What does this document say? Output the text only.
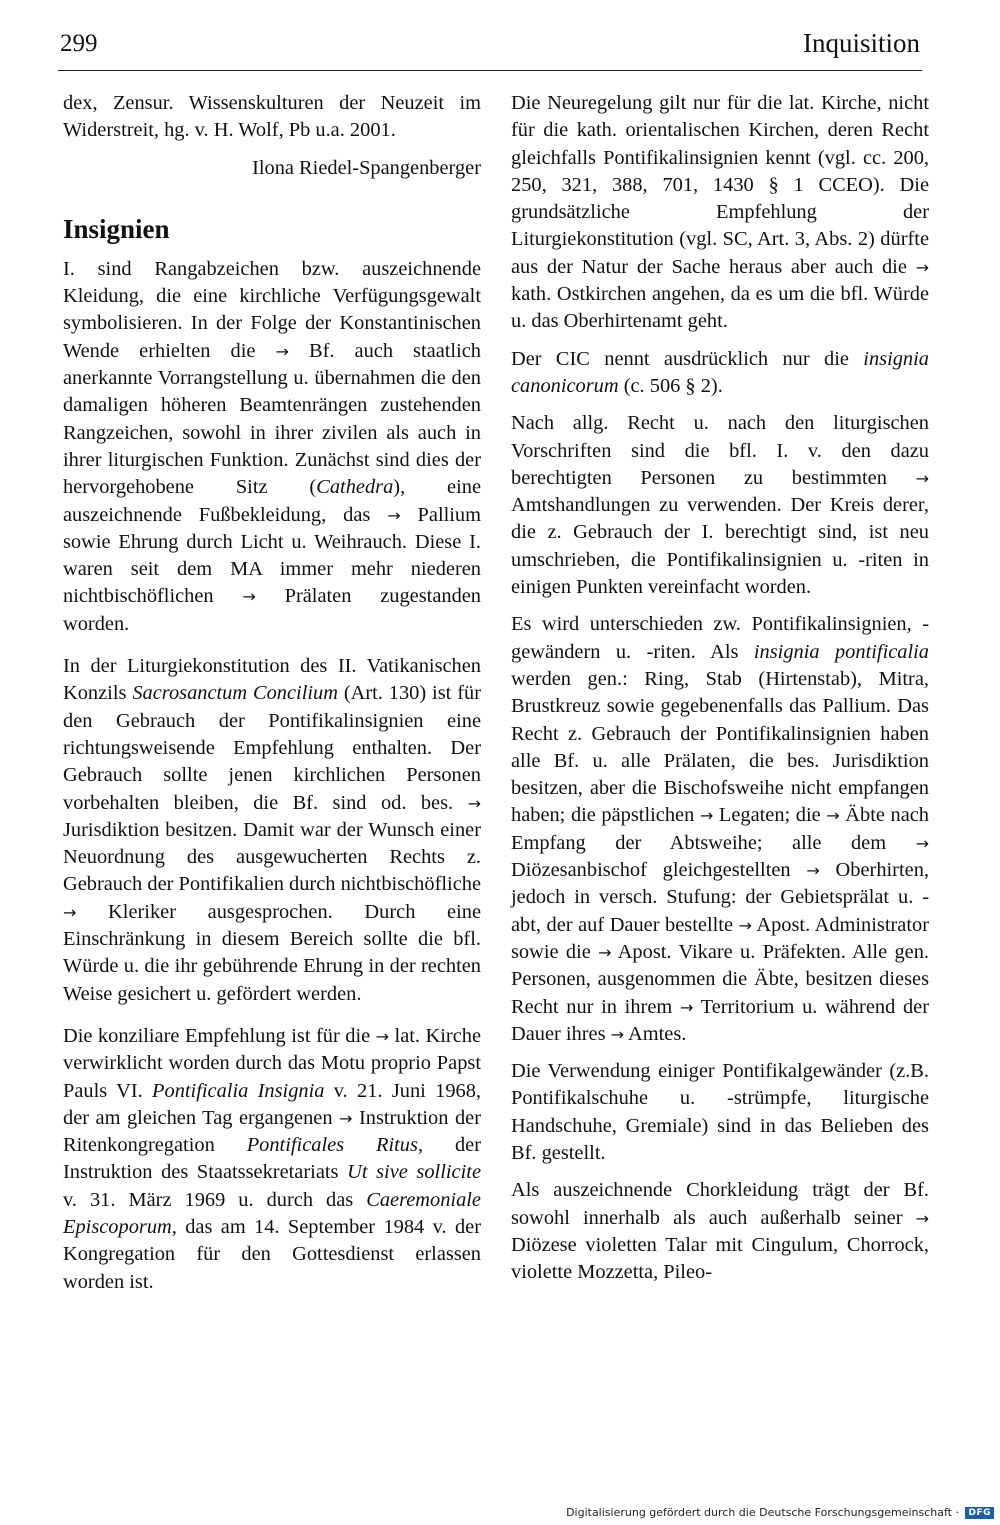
299	Inquisition

dex, Zensur. Wissenskulturen der Neuzeit im Widerstreit, hg. v. H. Wolf, Pb u.a. 2001.

Ilona Riedel-Spangenberger

Insignien

I. sind Rangabzeichen bzw. auszeichnende Kleidung, die eine kirchliche Verfügungsgewalt symbolisieren. In der Folge der Konstantinischen Wende erhielten die → Bf. auch staatlich anerkannte Vorrangstellung u. übernahmen die den damaligen höheren Beamtenrängen zustehenden Rangzeichen, sowohl in ihrer zivilen als auch in ihrer liturgischen Funktion. Zunächst sind dies der hervorgehobene Sitz (Cathedra), eine auszeichnende Fußbekleidung, das → Pallium sowie Ehrung durch Licht u. Weihrauch. Diese I. waren seit dem MA immer mehr niederen nichtbischöflichen → Prälaten zugestanden worden.

In der Liturgiekonstitution des II. Vatikanischen Konzils Sacrosanctum Concilium (Art. 130) ist für den Gebrauch der Pontifikalinsignien eine richtungsweisende Empfehlung enthalten. Der Gebrauch sollte jenen kirchlichen Personen vorbehalten bleiben, die Bf. sind od. bes. → Jurisdiktion besitzen. Damit war der Wunsch einer Neuordnung des ausgewucherten Rechts z. Gebrauch der Pontifikalien durch nichtbischöfliche → Kleriker ausgesprochen. Durch eine Einschränkung in diesem Bereich sollte die bfl. Würde u. die ihr gebührende Ehrung in der rechten Weise gesichert u. gefördert werden.

Die konziliare Empfehlung ist für die → lat. Kirche verwirklicht worden durch das Motu proprio Papst Pauls VI. Pontificalia Insignia v. 21. Juni 1968, der am gleichen Tag ergangenen → Instruktion der Ritenkongregation Pontificales Ritus, der Instruktion des Staatssekretariats Ut sive sollicite v. 31. März 1969 u. durch das Caeremoniale Episcoporum, das am 14. September 1984 v. der Kongregation für den Gottesdienst erlassen worden ist.

Die Neuregelung gilt nur für die lat. Kirche, nicht für die kath. orientalischen Kirchen, deren Recht gleichfalls Pontifikalinsignien kennt (vgl. cc. 200, 250, 321, 388, 701, 1430 § 1 CCEO). Die grundsätzliche Empfehlung der Liturgiekonstitution (vgl. SC, Art. 3, Abs. 2) dürfte aus der Natur der Sache heraus aber auch die → kath. Ostkirchen angehen, da es um die bfl. Würde u. das Oberhirtenamt geht.

Der CIC nennt ausdrücklich nur die insignia canonicorum (c. 506 § 2).

Nach allg. Recht u. nach den liturgischen Vorschriften sind die bfl. I. v. den dazu berechtigten Personen zu bestimmten → Amtshandlungen zu verwenden. Der Kreis derer, die z. Gebrauch der I. berechtigt sind, ist neu umschrieben, die Pontifikalinsignien u. -riten in einigen Punkten vereinfacht worden.

Es wird unterschieden zw. Pontifikalinsignien, -gewändern u. -riten. Als insignia pontificalia werden gen.: Ring, Stab (Hirtenstab), Mitra, Brustkreuz sowie gegebenenfalls das Pallium. Das Recht z. Gebrauch der Pontifikalinsignien haben alle Bf. u. alle Prälaten, die bes. Jurisdiktion besitzen, aber die Bischofsweihe nicht empfangen haben; die päpstlichen → Legaten; die → Äbte nach Empfang der Abtsweihe; alle dem → Diözesanbischof gleichgestellten → Oberhirten, jedoch in versch. Stufung: der Gebietsprälat u. -abt, der auf Dauer bestellte → Apost. Administrator sowie die → Apost. Vikare u. Präfekten. Alle gen. Personen, ausgenommen die Äbte, besitzen dieses Recht nur in ihrem → Territorium u. während der Dauer ihres → Amtes.

Die Verwendung einiger Pontifikalgewänder (z.B. Pontifikalschuhe u. -strümpfe, liturgische Handschuhe, Gremiale) sind in das Belieben des Bf. gestellt.

Als auszeichnende Chorkleidung trägt der Bf. sowohl innerhalb als auch außerhalb seiner → Diözese violetten Talar mit Cingulum, Chorrock, violette Mozzetta, Pileo-

Digitalisierung gefördert durch die Deutsche Forschungsgemeinschaft · DFG
